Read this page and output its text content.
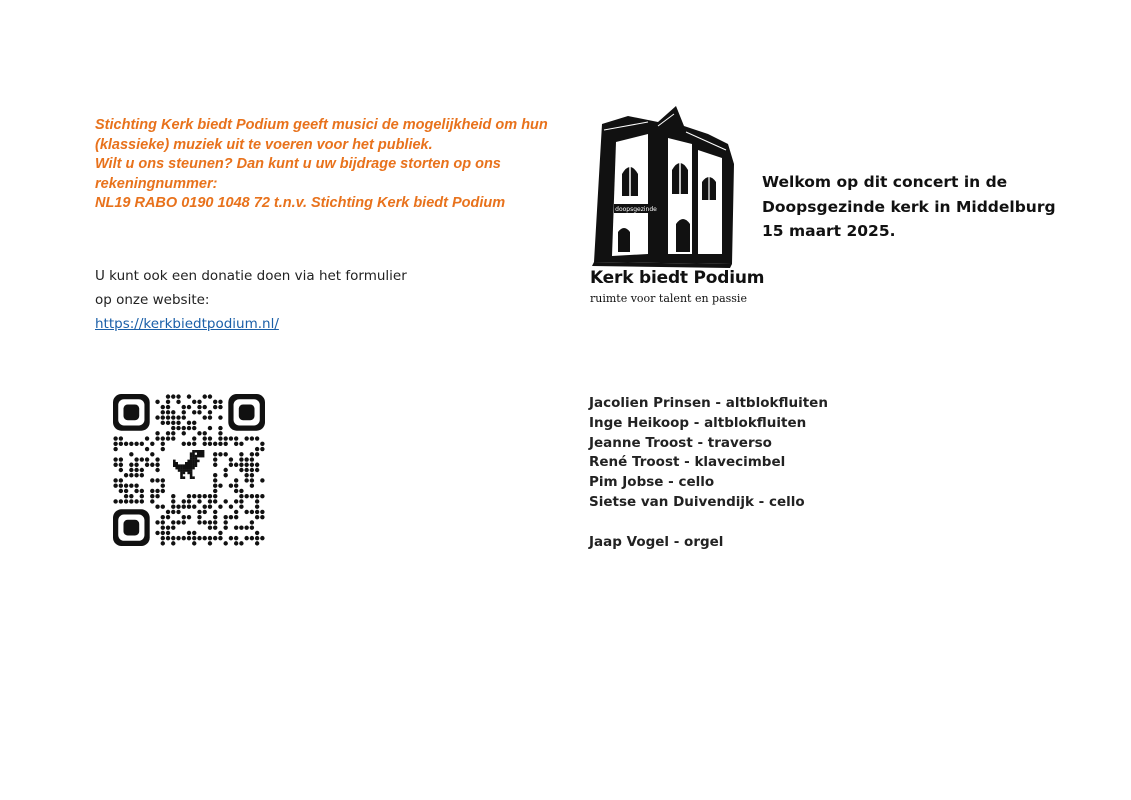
Stichting Kerk biedt Podium geeft musici de mogelijkheid om hun
(klassieke) muziek uit te voeren voor het publiek.
Wilt u ons steunen? Dan kunt u uw bijdrage storten op ons
rekeningnummer:
NL19 RABO 0190 1048 72 t.n.v. Stichting Kerk biedt Podium
U kunt ook een donatie doen via het formulier
op onze website:
https://kerkbiedtpodium.nl/
doopsgezinde
Kerk biedt Podium
ruimte voor talent en passie
Welkom op dit concert in de
Doopsgezinde kerk in Middelburg
15 maart 2025.
Jacolien Prinsen - altblokfluiten
Inge Heikoop - altblokfluiten
Jeanne Troost - traverso
René Troost - klavecimbel
Pim Jobse - cello
Sietse van Duivendijk - cello
Jaap Vogel - orgel
